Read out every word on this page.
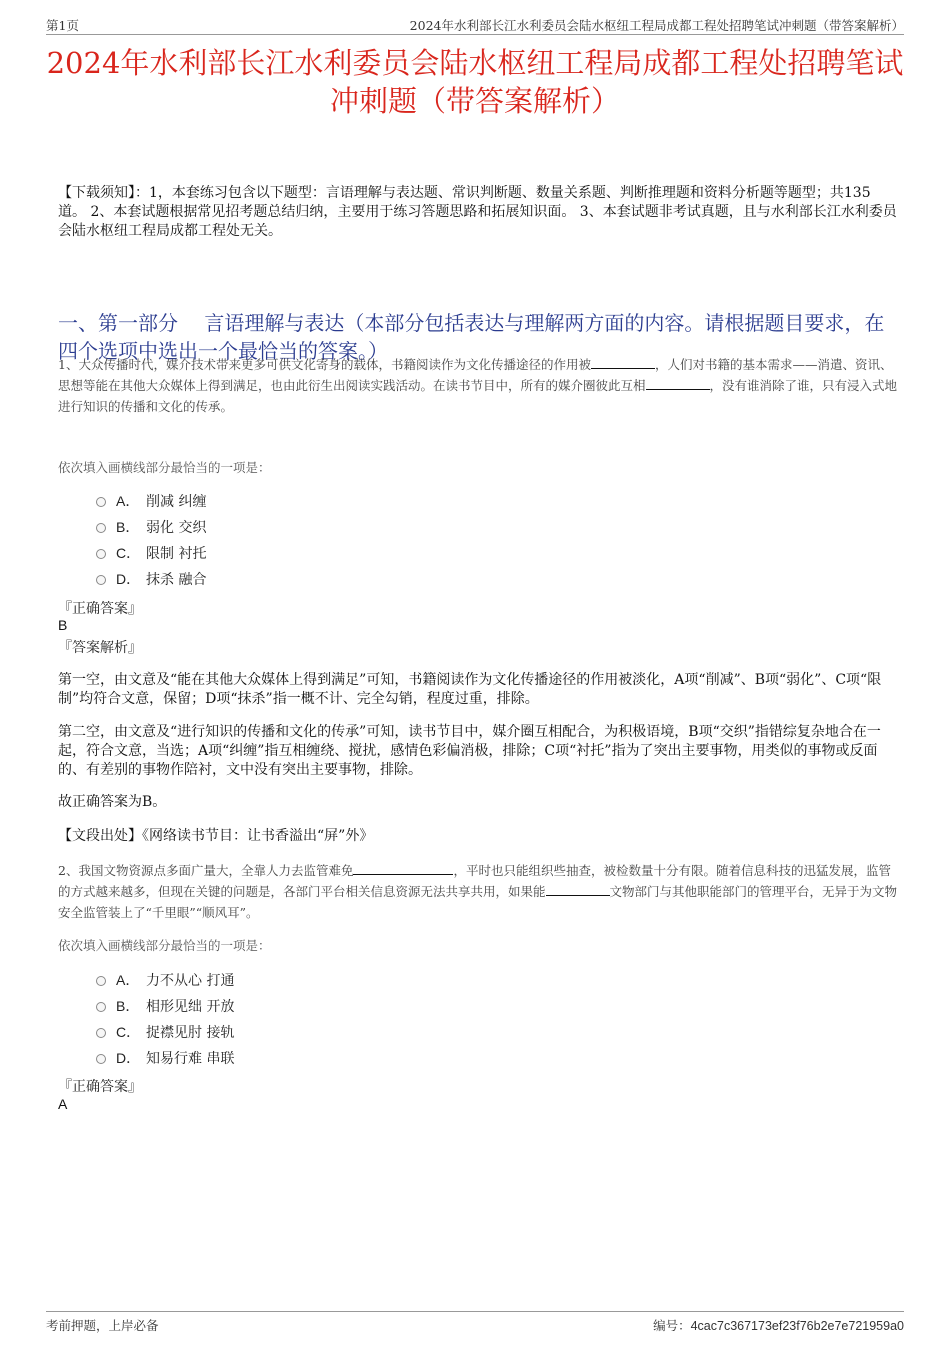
第1页	2024年水利部长江水利委员会陆水枢纽工程局成都工程处招聘笔试冲刺题（带答案解析）
2024年水利部长江水利委员会陆水枢纽工程局成都工程处招聘笔试冲刺题（带答案解析）

【下载须知】：1，本套练习包含以下题型：言语理解与表达题、常识判断题、数量关系题、判断推理题和资料分析题等题型；共135道。 2、本套试题根据常见招考题总结归纳，主要用于练习答题思路和拓展知识面。 3、本套试题非考试真题，且与水利部长江水利委员会陆水枢纽工程局成都工程处无关。

一、第一部分　 言语理解与表达（本部分包括表达与理解两方面的内容。请根据题目要求，在四个选项中选出一个最恰当的答案。）

1、大众传播时代，媒介技术带来更多可供文化寄身的载体，书籍阅读作为文化传播途径的作用被	，人们对书籍的基本需求——消遣、资讯、思想等能在其他大众媒体上得到满足，也由此衍生出阅读实践活动。在读书节目中，所有的媒介圈彼此互相	，没有谁消除了谁，只有浸入式地进行知识的传播和文化的传承。

依次填入画横线部分最恰当的一项是：

A． 削减 纠缠
B． 弱化 交织
C． 限制 衬托
D． 抹杀 融合

『正确答案』

B

『答案解析』

第一空，由文意及“能在其他大众媒体上得到满足”可知，书籍阅读作为文化传播途径的作用被淡化，A项“削减”、B项“弱化”、C项“限制”均符合文意，保留；D项“抹杀”指一概不计、完全勾销，程度过重，排除。

第二空，由文意及“进行知识的传播和文化的传承”可知，读书节目中，媒介圈互相配合，为积极语境，B项“交织”指错综复杂地合在一起，符合文意，当选；A项“纠缠”指互相缠绕、搅扰，感情色彩偏消极，排除；C项“衬托”指为了突出主要事物，用类似的事物或反面的、有差别的事物作陪衬，文中没有突出主要事物，排除。

故正确答案为B。

【文段出处】《网络读书节目：让书香溢出“屏”外》

2、我国文物资源点多面广量大，全靠人力去监管难免	，平时也只能组织些抽查，被检数量十分有限。随着信息科技的迅猛发展，监管的方式越来越多，但现在关键的问题是，各部门平台相关信息资源无法共享共用，如果能	文物部门与其他职能部门的管理平台，无异于为文物安全监管装上了“千里眼”“顺风耳”。

依次填入画横线部分最恰当的一项是：

A． 力不从心 打通
B． 相形见绌 开放
C． 捉襟见肘 接轨
D． 知易行难 串联

『正确答案』

A

考前押题，上岸必备	编号：4cac7c367173ef23f76b2e7e721959a0
